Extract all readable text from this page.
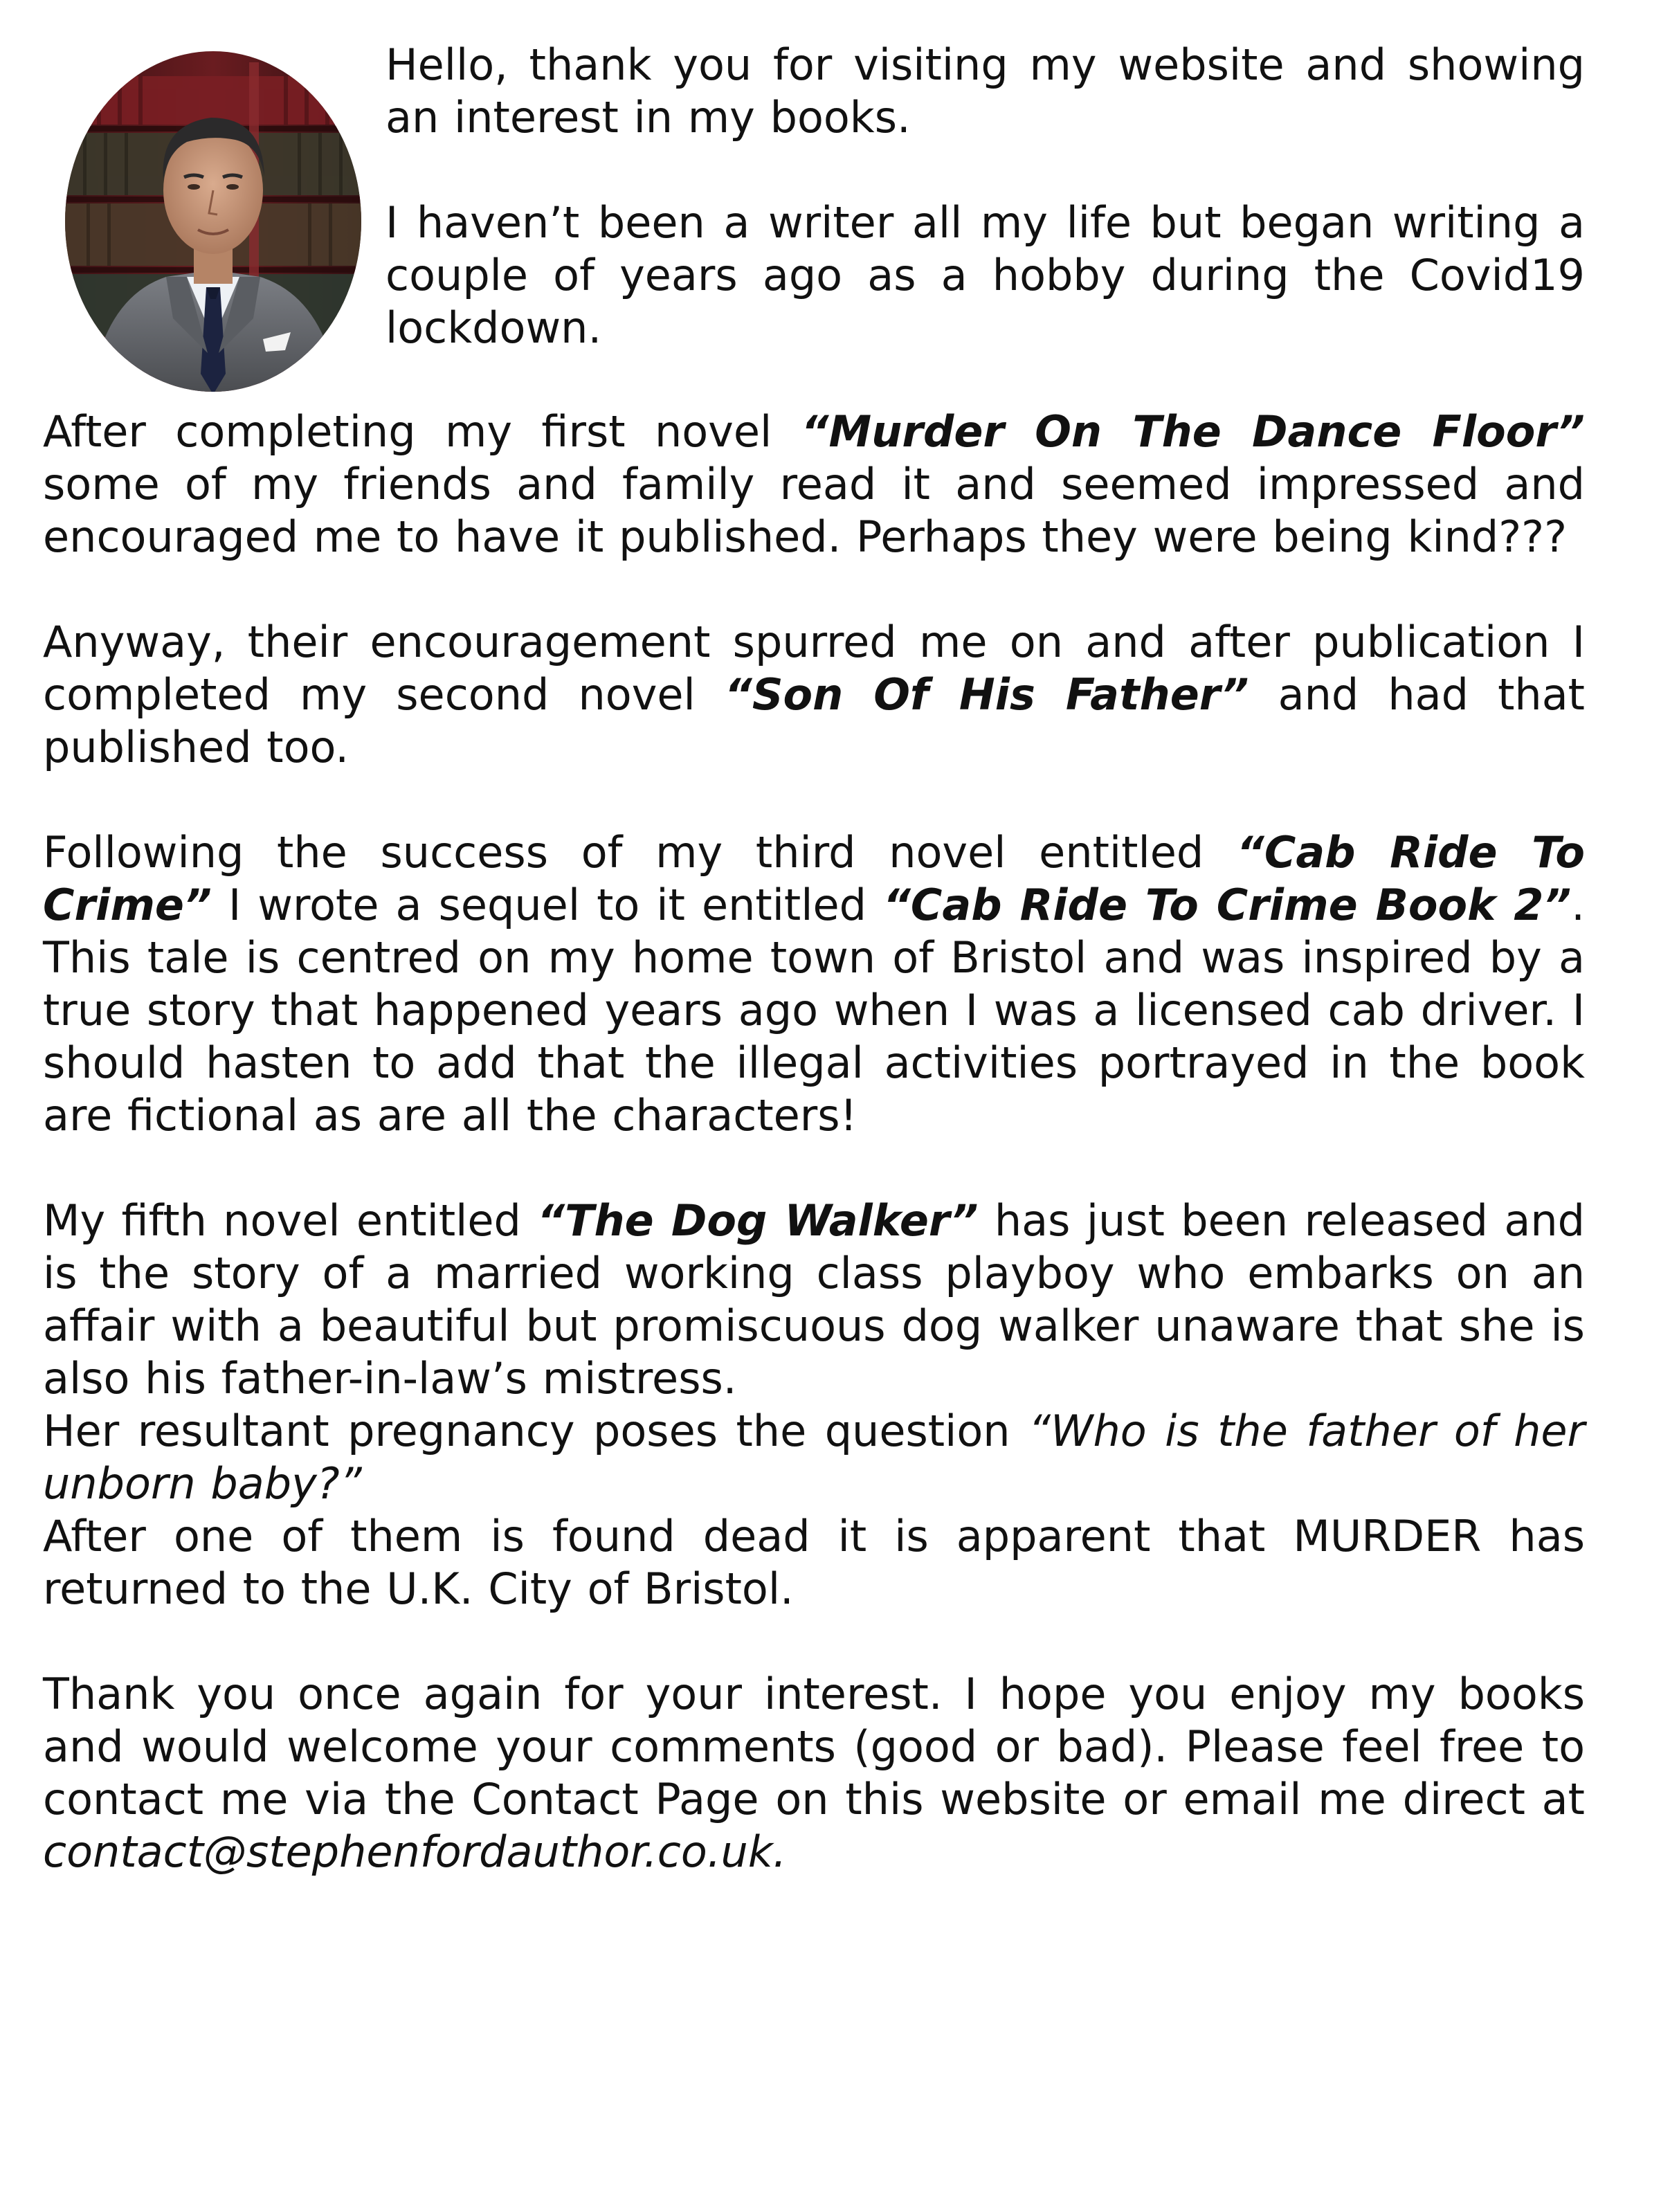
Hello, thank you for visiting my website and showing an interest in my books.

I haven’t been a writer all my life but began writing a couple of years ago as a hobby during the Covid19 lockdown.

After completing my first novel “Murder On The Dance Floor” some of my friends and family read it and seemed impressed and encouraged me to have it published. Perhaps they were being kind???

Anyway, their encouragement spurred me on and after publication I completed my second novel “Son Of His Father” and had that published too.

Following the success of my third novel entitled “Cab Ride To Crime” I wrote a sequel to it entitled “Cab Ride To Crime Book 2”. This tale is centred on my home town of Bristol and was inspired by a true story that happened years ago when I was a licensed cab driver. I should hasten to add that the illegal activities portrayed in the book are fictional as are all the characters!

My fifth novel entitled “The Dog Walker” has just been released and is the story of a married working class playboy who embarks on an affair with a beautiful but promiscuous dog walker unaware that she is also his father-in-law’s mistress.

Her resultant pregnancy poses the question “Who is the father of her unborn baby?”

After one of them is found dead it is apparent that MURDER has returned to the U.K. City of Bristol.

Thank you once again for your interest. I hope you enjoy my books and would welcome your comments (good or bad). Please feel free to contact me via the Contact Page on this website or email me direct at contact@stephenfordauthor.co.uk.
